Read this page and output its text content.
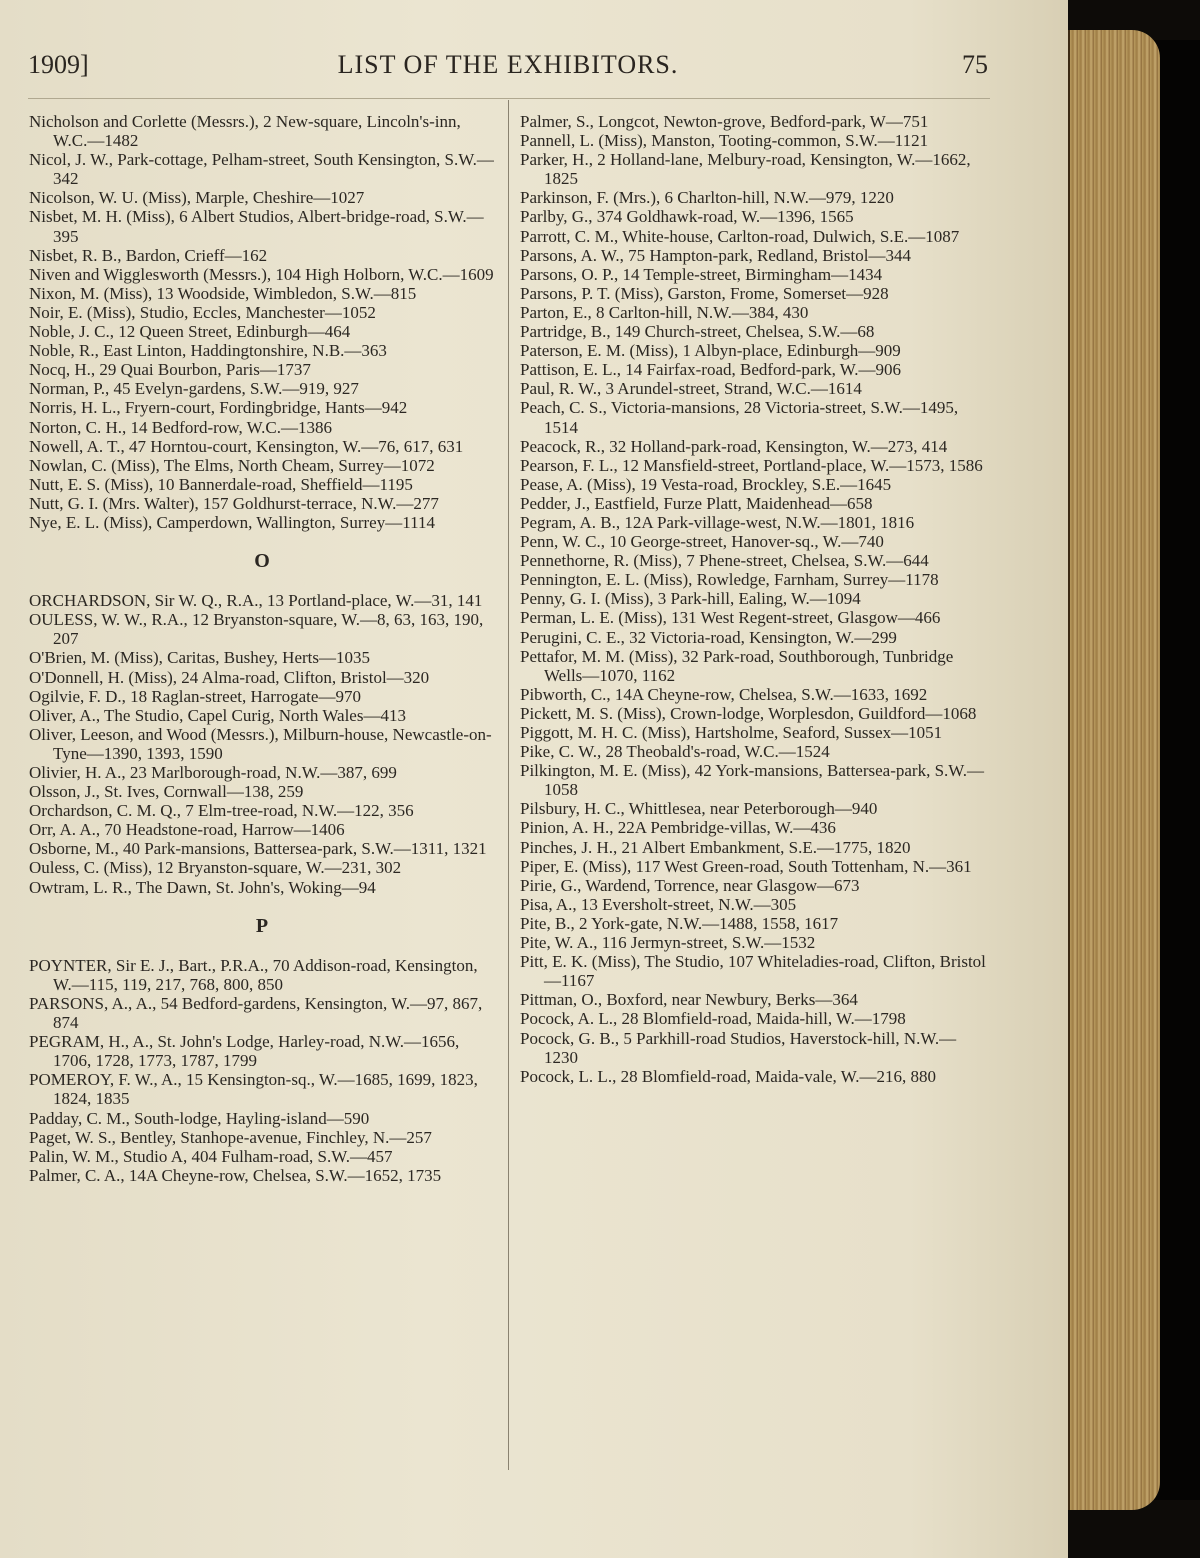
1909]	LIST OF THE EXHIBITORS.	75
Nicholson and Corlette (Messrs.), 2 New-square, Lincoln's-inn, W.C.—1482
Nicol, J. W., Park-cottage, Pelham-street, South Kensington, S.W.—342
Nicolson, W. U. (Miss), Marple, Cheshire—1027
Nisbet, M. H. (Miss), 6 Albert Studios, Albert-bridge-road, S.W.—395
Nisbet, R. B., Bardon, Crieff—162
Niven and Wigglesworth (Messrs.), 104 High Holborn, W.C.—1609
Nixon, M. (Miss), 13 Woodside, Wimbledon, S.W.—815
Noir, E. (Miss), Studio, Eccles, Manchester—1052
Noble, J. C., 12 Queen Street, Edinburgh—464
Noble, R., East Linton, Haddingtonshire, N.B.—363
Nocq, H., 29 Quai Bourbon, Paris—1737
Norman, P., 45 Evelyn-gardens, S.W.—919, 927
Norris, H. L., Fryern-court, Fordingbridge, Hants—942
Norton, C. H., 14 Bedford-row, W.C.—1386
Nowell, A. T., 47 Horntou-court, Kensington, W.—76, 617, 631
Nowlan, C. (Miss), The Elms, North Cheam, Surrey—1072
Nutt, E. S. (Miss), 10 Bannerdale-road, Sheffield—1195
Nutt, G. I. (Mrs. Walter), 157 Goldhurst-terrace, N.W.—277
Nye, E. L. (Miss), Camperdown, Wallington, Surrey—1114
O
ORCHARDSON, Sir W. Q., R.A., 13 Portland-place, W.—31, 141
OULESS, W. W., R.A., 12 Bryanston-square, W.—8, 63, 163, 190, 207
O'Brien, M. (Miss), Caritas, Bushey, Herts—1035
O'Donnell, H. (Miss), 24 Alma-road, Clifton, Bristol—320
Ogilvie, F. D., 18 Raglan-street, Harrogate—970
Oliver, A., The Studio, Capel Curig, North Wales—413
Oliver, Leeson, and Wood (Messrs.), Milburn-house, Newcastle-on-Tyne—1390, 1393, 1590
Olivier, H. A., 23 Marlborough-road, N.W.—387, 699
Olsson, J., St. Ives, Cornwall—138, 259
Orchardson, C. M. Q., 7 Elm-tree-road, N.W.—122, 356
Orr, A. A., 70 Headstone-road, Harrow—1406
Osborne, M., 40 Park-mansions, Battersea-park, S.W.—1311, 1321
Ouless, C. (Miss), 12 Bryanston-square, W.—231, 302
Owtram, L. R., The Dawn, St. John's, Woking—94
P
POYNTER, Sir E. J., Bart., P.R.A., 70 Addison-road, Kensington, W.—115, 119, 217, 768, 800, 850
PARSONS, A., A., 54 Bedford-gardens, Kensington, W.—97, 867, 874
PEGRAM, H., A., St. John's Lodge, Harley-road, N.W.—1656, 1706, 1728, 1773, 1787, 1799
POMEROY, F. W., A., 15 Kensington-sq., W.—1685, 1699, 1823, 1824, 1835
Padday, C. M., South-lodge, Hayling-island—590
Paget, W. S., Bentley, Stanhope-avenue, Finchley, N.—257
Palin, W. M., Studio A, 404 Fulham-road, S.W.—457
Palmer, C. A., 14A Cheyne-row, Chelsea, S.W.—1652, 1735
Palmer, S., Longcot, Newton-grove, Bedford-park, W—751
Pannell, L. (Miss), Manston, Tooting-common, S.W.—1121
Parker, H., 2 Holland-lane, Melbury-road, Kensington, W.—1662, 1825
Parkinson, F. (Mrs.), 6 Charlton-hill, N.W.—979, 1220
Parlby, G., 374 Goldhawk-road, W.—1396, 1565
Parrott, C. M., White-house, Carlton-road, Dulwich, S.E.—1087
Parsons, A. W., 75 Hampton-park, Redland, Bristol—344
Parsons, O. P., 14 Temple-street, Birmingham—1434
Parsons, P. T. (Miss), Garston, Frome, Somerset—928
Parton, E., 8 Carlton-hill, N.W.—384, 430
Partridge, B., 149 Church-street, Chelsea, S.W.—68
Paterson, E. M. (Miss), 1 Albyn-place, Edinburgh—909
Pattison, E. L., 14 Fairfax-road, Bedford-park, W.—906
Paul, R. W., 3 Arundel-street, Strand, W.C.—1614
Peach, C. S., Victoria-mansions, 28 Victoria-street, S.W.—1495, 1514
Peacock, R., 32 Holland-park-road, Kensington, W.—273, 414
Pearson, F. L., 12 Mansfield-street, Portland-place, W.—1573, 1586
Pease, A. (Miss), 19 Vesta-road, Brockley, S.E.—1645
Pedder, J., Eastfield, Furze Platt, Maidenhead—658
Pegram, A. B., 12A Park-village-west, N.W.—1801, 1816
Penn, W. C., 10 George-street, Hanover-sq., W.—740
Pennethorne, R. (Miss), 7 Phene-street, Chelsea, S.W.—644
Pennington, E. L. (Miss), Rowledge, Farnham, Surrey—1178
Penny, G. I. (Miss), 3 Park-hill, Ealing, W.—1094
Perman, L. E. (Miss), 131 West Regent-street, Glasgow—466
Perugini, C. E., 32 Victoria-road, Kensington, W.—299
Pettafor, M. M. (Miss), 32 Park-road, Southborough, Tunbridge Wells—1070, 1162
Pibworth, C., 14A Cheyne-row, Chelsea, S.W.—1633, 1692
Pickett, M. S. (Miss), Crown-lodge, Worplesdon, Guildford—1068
Piggott, M. H. C. (Miss), Hartsholme, Seaford, Sussex—1051
Pike, C. W., 28 Theobald's-road, W.C.—1524
Pilkington, M. E. (Miss), 42 York-mansions, Battersea-park, S.W.—1058
Pilsbury, H. C., Whittlesea, near Peterborough—940
Pinion, A. H., 22A Pembridge-villas, W.—436
Pinches, J. H., 21 Albert Embankment, S.E.—1775, 1820
Piper, E. (Miss), 117 West Green-road, South Tottenham, N.—361
Pirie, G., Wardend, Torrence, near Glasgow—673
Pisa, A., 13 Eversholt-street, N.W.—305
Pite, B., 2 York-gate, N.W.—1488, 1558, 1617
Pite, W. A., 116 Jermyn-street, S.W.—1532
Pitt, E. K. (Miss), The Studio, 107 Whiteladies-road, Clifton, Bristol—1167
Pittman, O., Boxford, near Newbury, Berks—364
Pocock, A. L., 28 Blomfield-road, Maida-hill, W.—1798
Pocock, G. B., 5 Parkhill-road Studios, Haverstock-hill, N.W.—1230
Pocock, L. L., 28 Blomfield-road, Maida-vale, W.—216, 880
